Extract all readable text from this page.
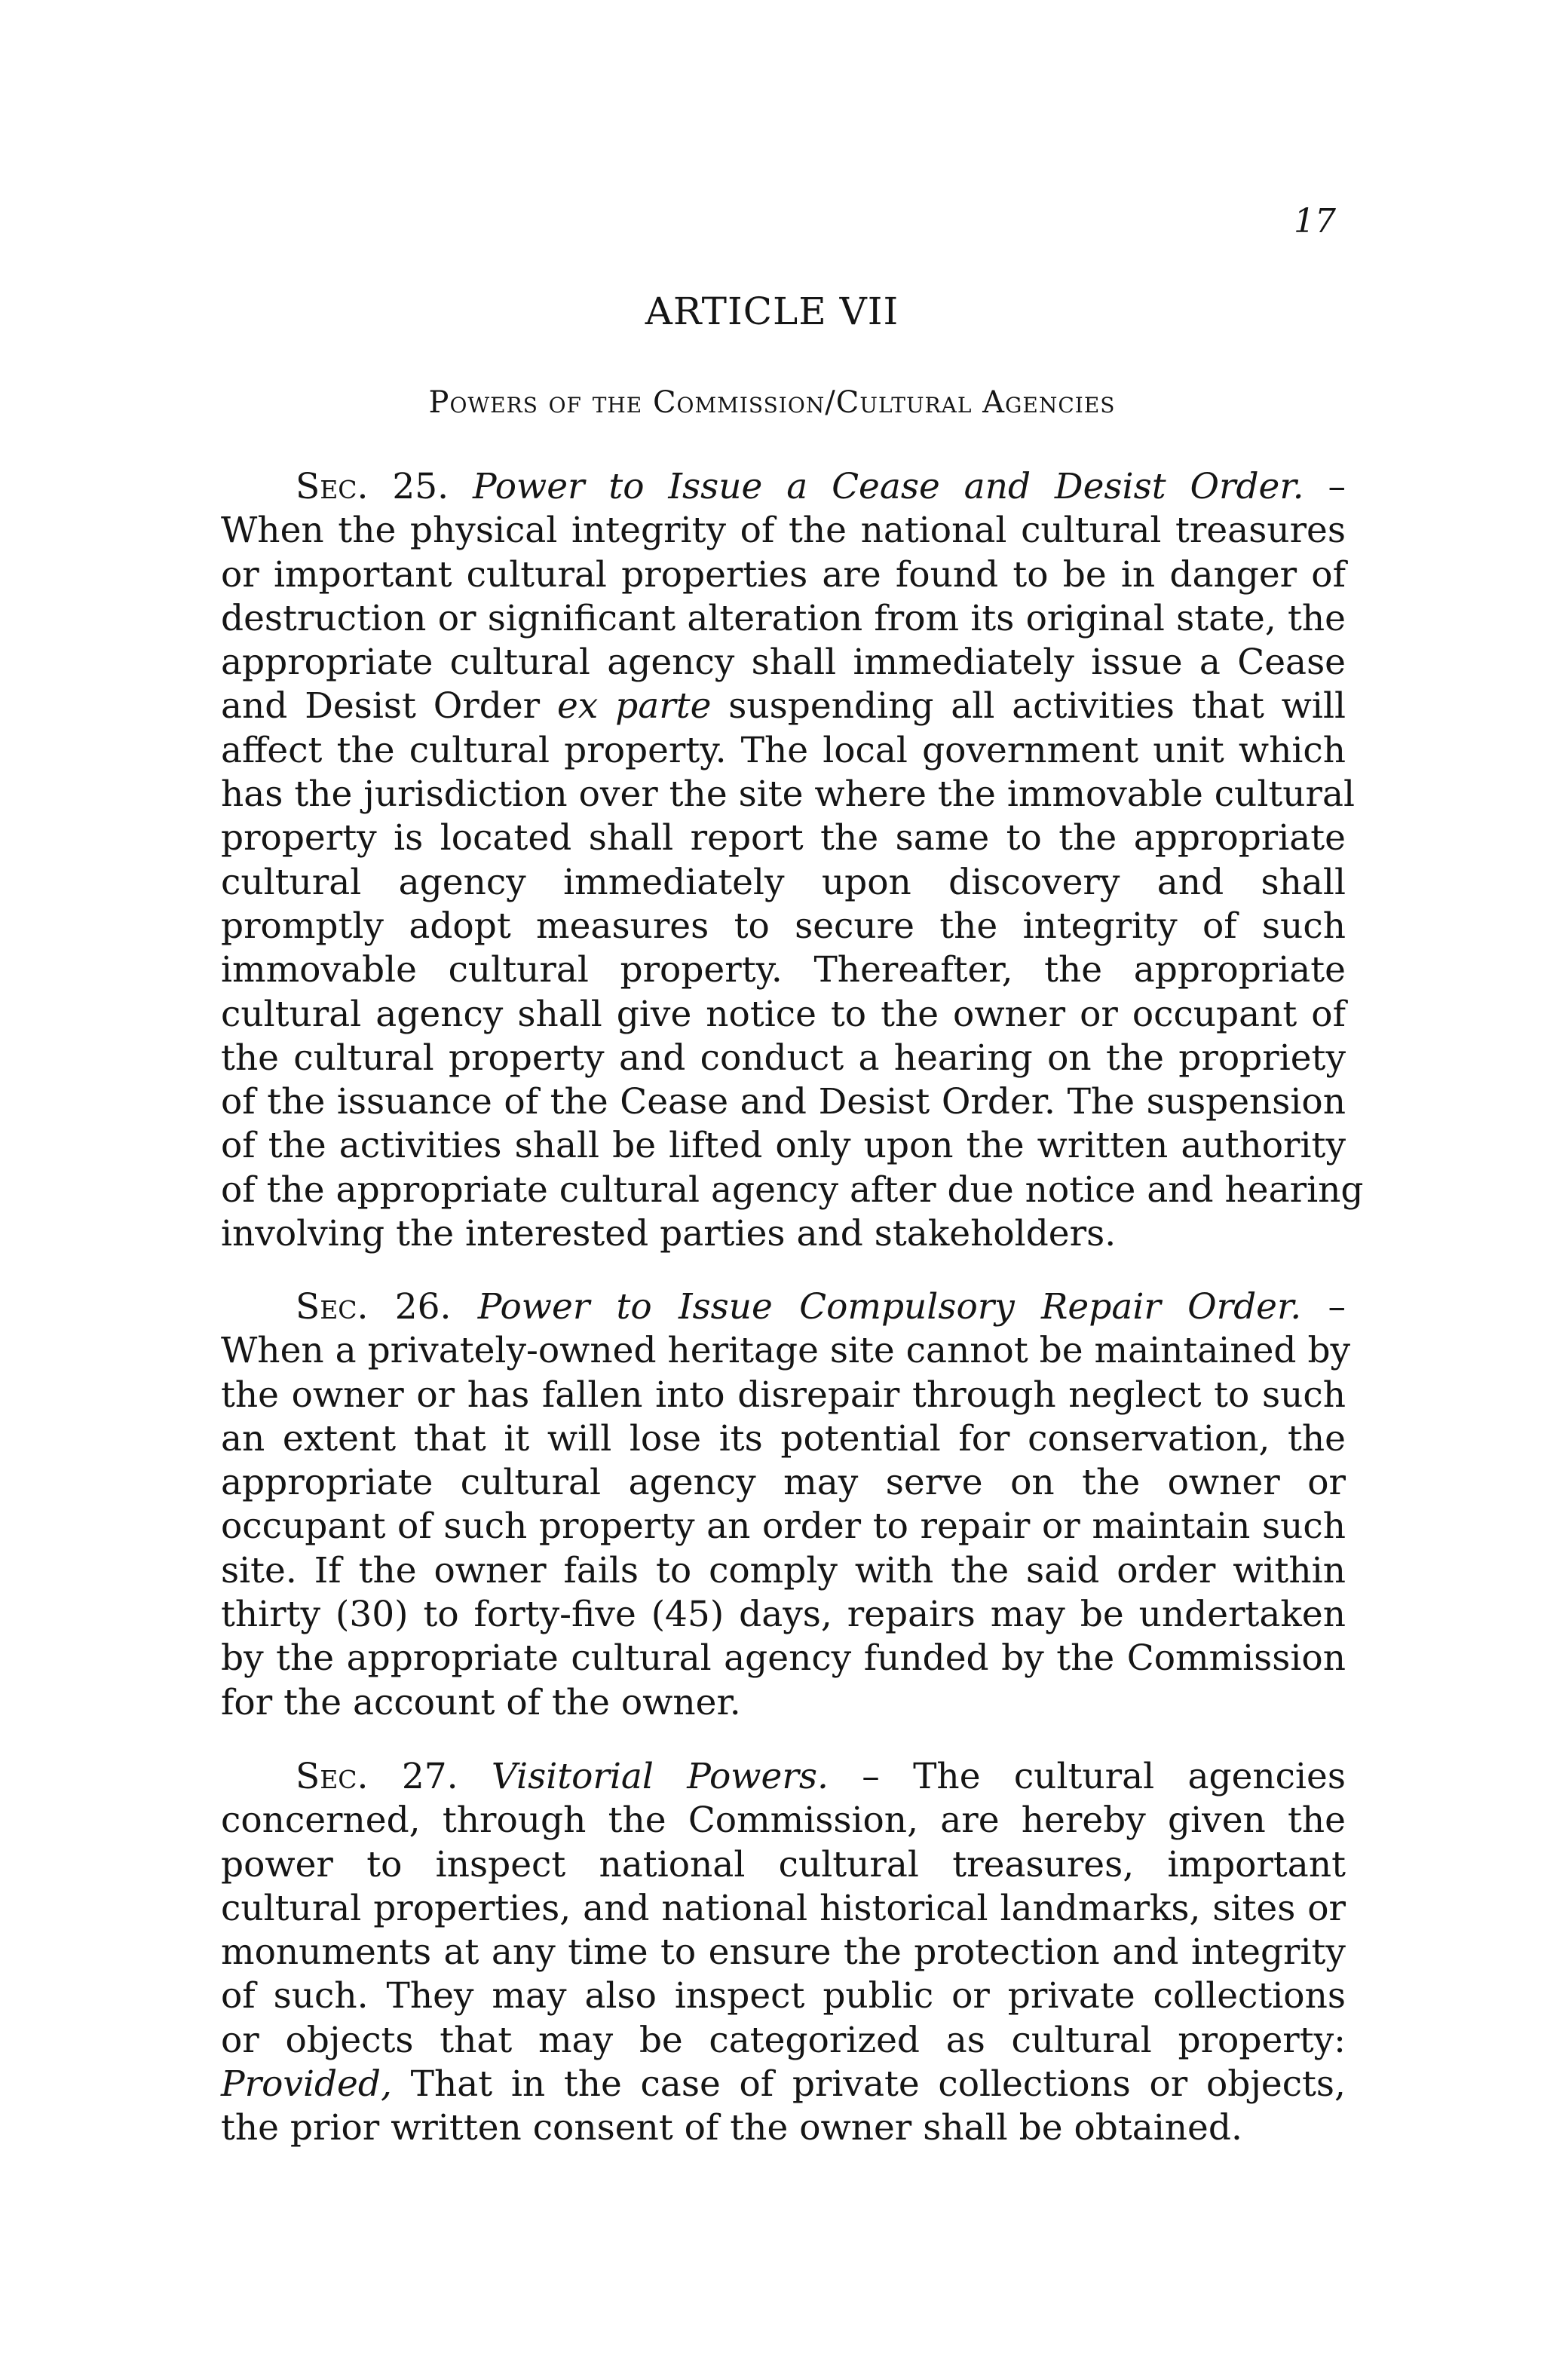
17
ARTICLE VII
Powers of the Commission/Cultural Agencies
Sec. 25. Power to Issue a Cease and Desist Order. –
When the physical integrity of the national cultural treasures
or important cultural properties are found to be in danger of
destruction or significant alteration from its original state, the
appropriate cultural agency shall immediately issue a Cease
and Desist Order ex parte suspending all activities that will
affect the cultural property. The local government unit which
has the jurisdiction over the site where the immovable cultural
property is located shall report the same to the appropriate
cultural agency immediately upon discovery and shall
promptly adopt measures to secure the integrity of such
immovable cultural property. Thereafter, the appropriate
cultural agency shall give notice to the owner or occupant of
the cultural property and conduct a hearing on the propriety
of the issuance of the Cease and Desist Order. The suspension
of the activities shall be lifted only upon the written authority
of the appropriate cultural agency after due notice and hearing
involving the interested parties and stakeholders.
Sec. 26. Power to Issue Compulsory Repair Order. –
When a privately-owned heritage site cannot be maintained by
the owner or has fallen into disrepair through neglect to such
an extent that it will lose its potential for conservation, the
appropriate cultural agency may serve on the owner or
occupant of such property an order to repair or maintain such
site. If the owner fails to comply with the said order within
thirty (30) to forty-five (45) days, repairs may be undertaken
by the appropriate cultural agency funded by the Commission
for the account of the owner.
Sec. 27. Visitorial Powers. – The cultural agencies
concerned, through the Commission, are hereby given the
power to inspect national cultural treasures, important
cultural properties, and national historical landmarks, sites or
monuments at any time to ensure the protection and integrity
of such. They may also inspect public or private collections
or objects that may be categorized as cultural property:
Provided, That in the case of private collections or objects,
the prior written consent of the owner shall be obtained.
